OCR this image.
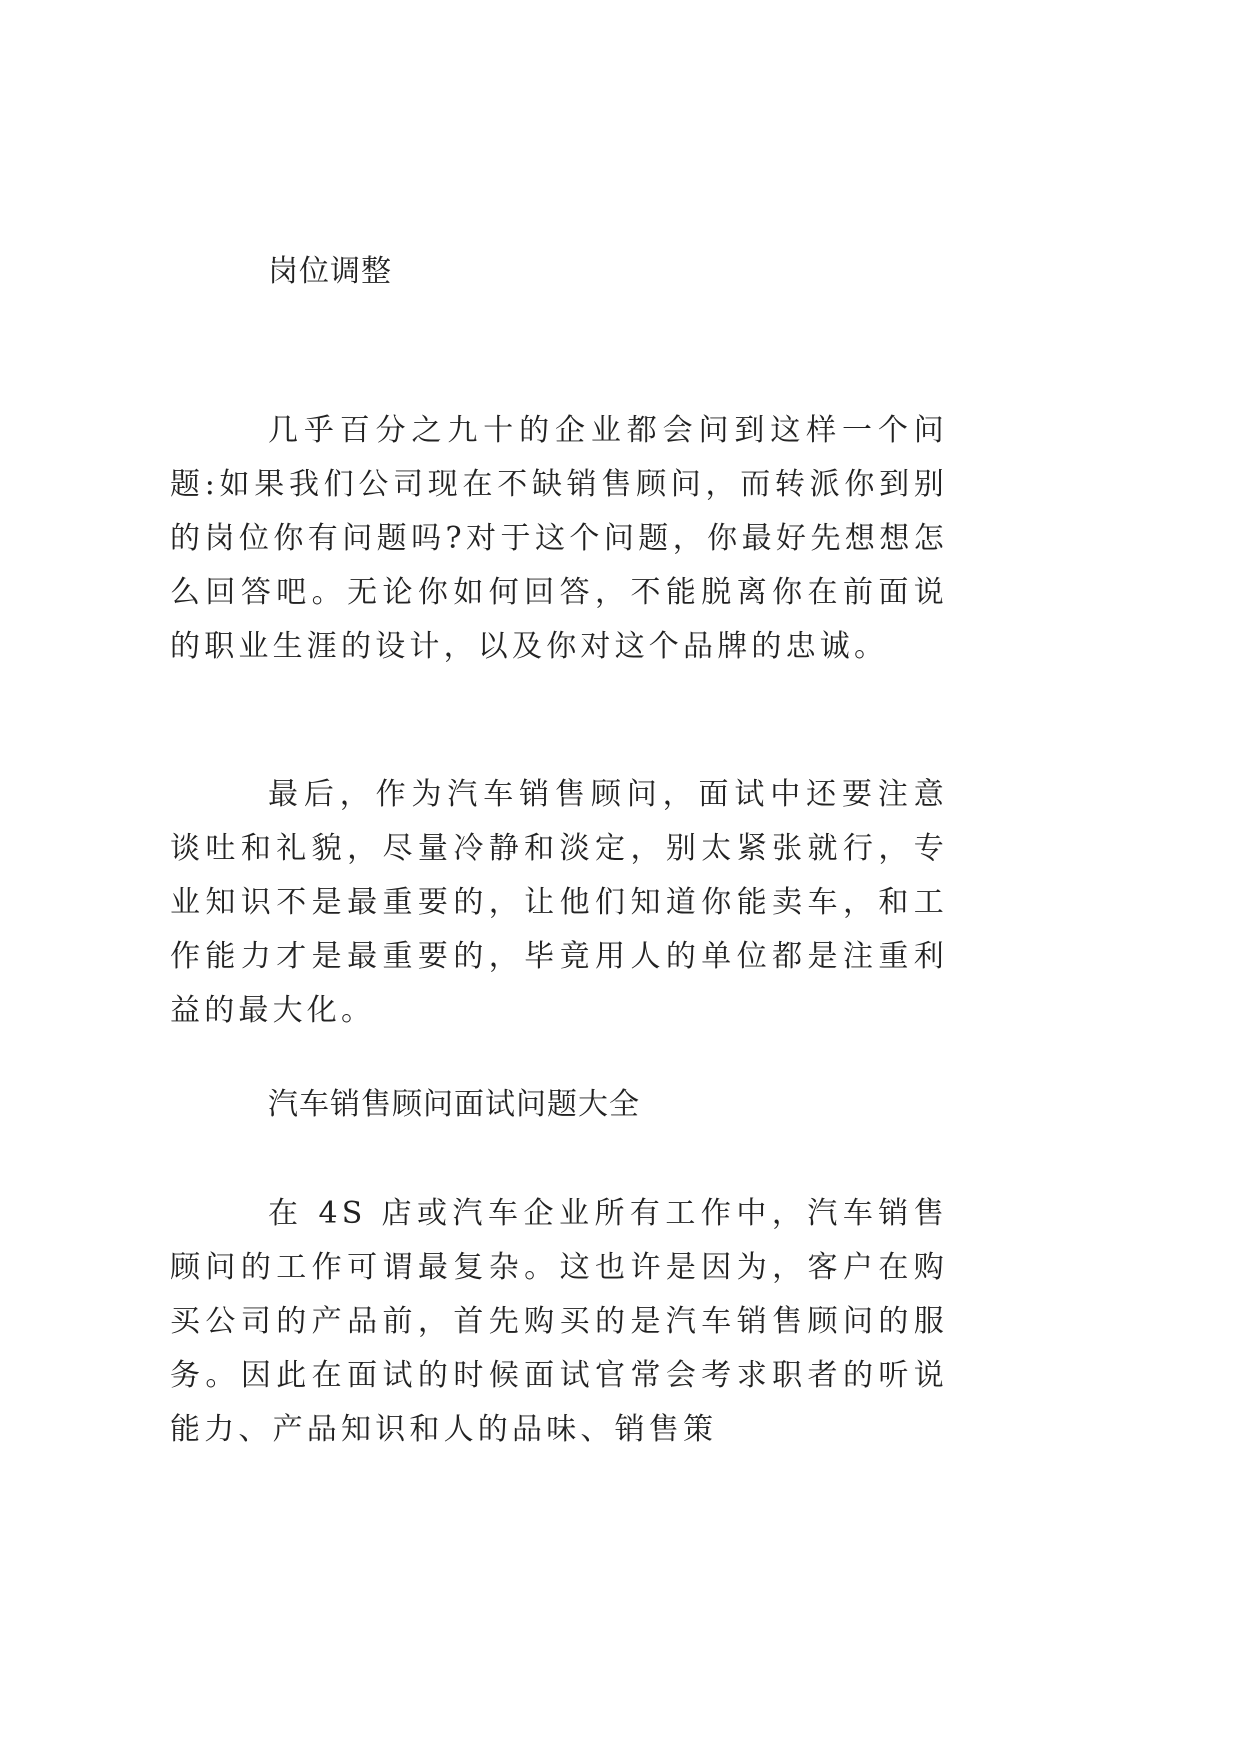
岗位调整

几乎百分之九十的企业都会问到这样一个问题:如果我们公司现在不缺销售顾问，而转派你到别的岗位你有问题吗?对于这个问题，你最好先想想怎么回答吧。无论你如何回答，不能脱离你在前面说的职业生涯的设计，以及你对这个品牌的忠诚。

最后，作为汽车销售顾问，面试中还要注意谈吐和礼貌，尽量冷静和淡定，别太紧张就行，专业知识不是最重要的，让他们知道你能卖车，和工作能力才是最重要的，毕竟用人的单位都是注重利益的最大化。

汽车销售顾问面试问题大全

在 4S 店或汽车企业所有工作中，汽车销售顾问的工作可谓最复杂。这也许是因为，客户在购买公司的产品前，首先购买的是汽车销售顾问的服务。因此在面试的时候面试官常会考求职者的听说能力、产品知识和人的品味、销售策
